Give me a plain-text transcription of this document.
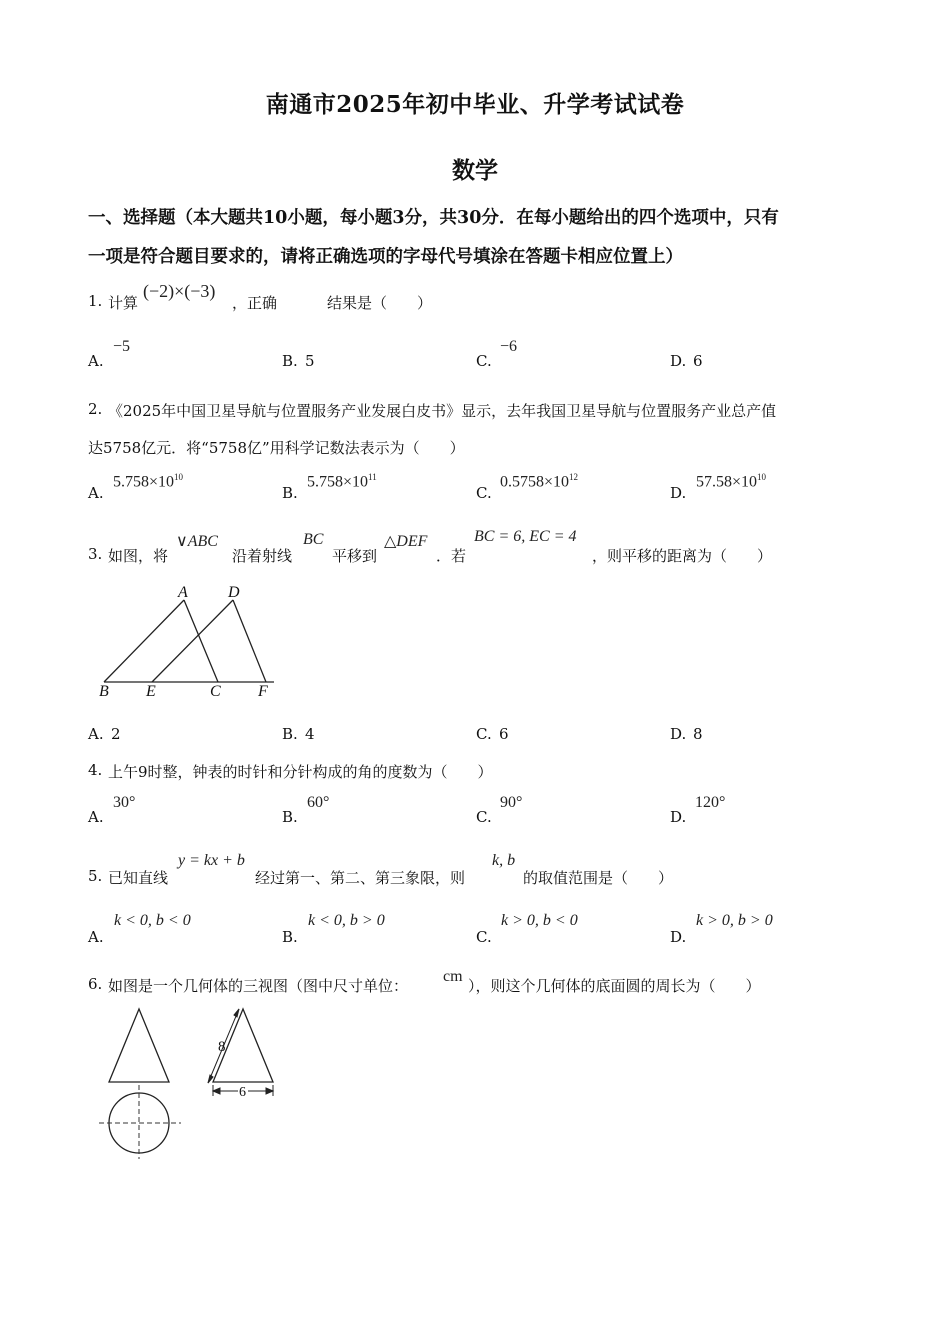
南通市2025年初中毕业、升学考试试卷
数学
一、选择题（本大题共10小题，每小题3分，共30分．在每小题给出的四个选项中，只有
一项是符合题目要求的，请将正确选项的字母代号填涂在答题卡相应位置上）
1. 计算
(−2)×(−3)
，正确	结果是（　　）
A.
−5
B. 5	C.
−6
D. 6
2. 《2025年中国卫星导航与位置服务产业发展白皮书》显示，去年我国卫星导航与位置服务产业总产值
达5758亿元．将“5758亿”用科学记数法表示为（　　）
A.
$5.758\times 10^{10}$
B.
$5.758\times 10^{11}$
C.
$0.5758\times 10^{12}$
D.
$57.58\times 10^{10}$
3. 如图，将
∨ABC
沿着射线
BC
平移到
△DEF
．若
BC = 6, EC = 4
，则平移的距离为（　　）
A	D
B E	C F
A. 2	B. 4	C. 6	D. 8
4. 上午9时整，钟表的时针和分针构成的角的度数为（　　）
A.
30°
B.
60°
C.
90°
D.
120°
5. 已知直线
y = kx + b
经过第一、第二、第三象限，则
k, b
的取值范围是（　　）
A.
k < 0, b < 0
B.
k < 0, b > 0
C.
k > 0, b < 0
D.
k > 0, b > 0
6. 如图是一个几何体的三视图（图中尺寸单位：
cm
），则这个几何体的底面圆的周长为（　　）
8
6
